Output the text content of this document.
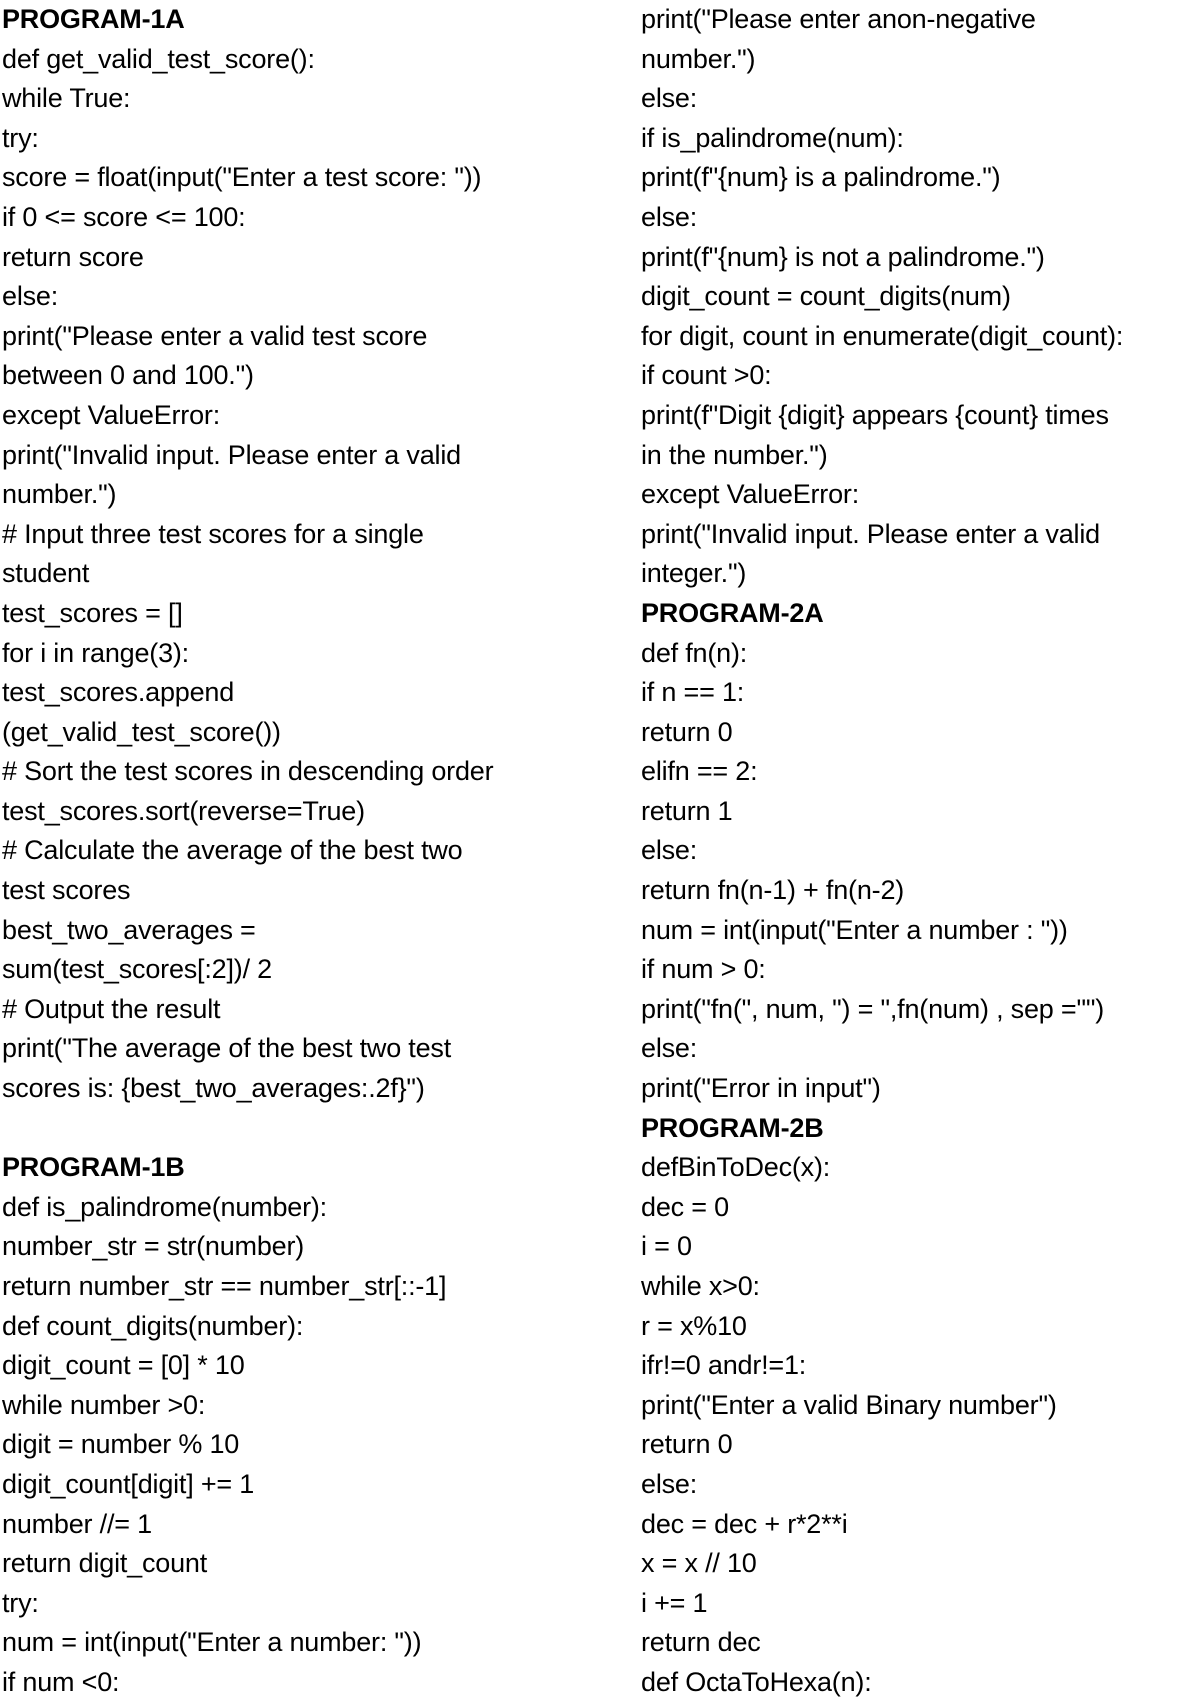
PROGRAM-1A
def get_valid_test_score():
while True:
try:
score = float(input("Enter a test score: "))
if 0 <= score <= 100:
return score
else:
print("Please enter a valid test score
between 0 and 100.")
except ValueError:
print("Invalid input. Please enter a valid
number.")
# Input three test scores for a single
student
test_scores = []
for i in range(3):
test_scores.append
(get_valid_test_score())
# Sort the test scores in descending order
test_scores.sort(reverse=True)
# Calculate the average of the best two
test scores
best_two_averages =
sum(test_scores[:2])/ 2
# Output the result
print("The average of the best two test
scores is: {best_two_averages:.2f}")
PROGRAM-1B
def is_palindrome(number):
number_str = str(number)
return number_str == number_str[::-1]
def count_digits(number):
digit_count = [0] * 10
while number >0:
digit = number % 10
digit_count[digit] += 1
number //= 1
return digit_count
try:
num = int(input("Enter a number: "))
if num <0:
print("Please enter anon-negative
number.")
else:
if is_palindrome(num):
print(f"{num} is a palindrome.")
else:
print(f"{num} is not a palindrome.")
digit_count = count_digits(num)
for digit, count in enumerate(digit_count):
if count >0:
print(f"Digit {digit} appears {count} times
in the number.")
except ValueError:
print("Invalid input. Please enter a valid
integer.")
PROGRAM-2A
def fn(n):
if n == 1:
return 0
elifn == 2:
return 1
else:
return fn(n-1) + fn(n-2)
num = int(input("Enter a number : "))
if num > 0:
print("fn(", num, ") = ",fn(num) , sep ="")
else:
print("Error in input")
PROGRAM-2B
defBinToDec(x):
dec = 0
i = 0
while x>0:
r = x%10
ifr!=0 andr!=1:
print("Enter a valid Binary number")
return 0
else:
dec = dec + r*2**i
x = x // 10
i += 1
return dec
def OctaToHexa(n):
